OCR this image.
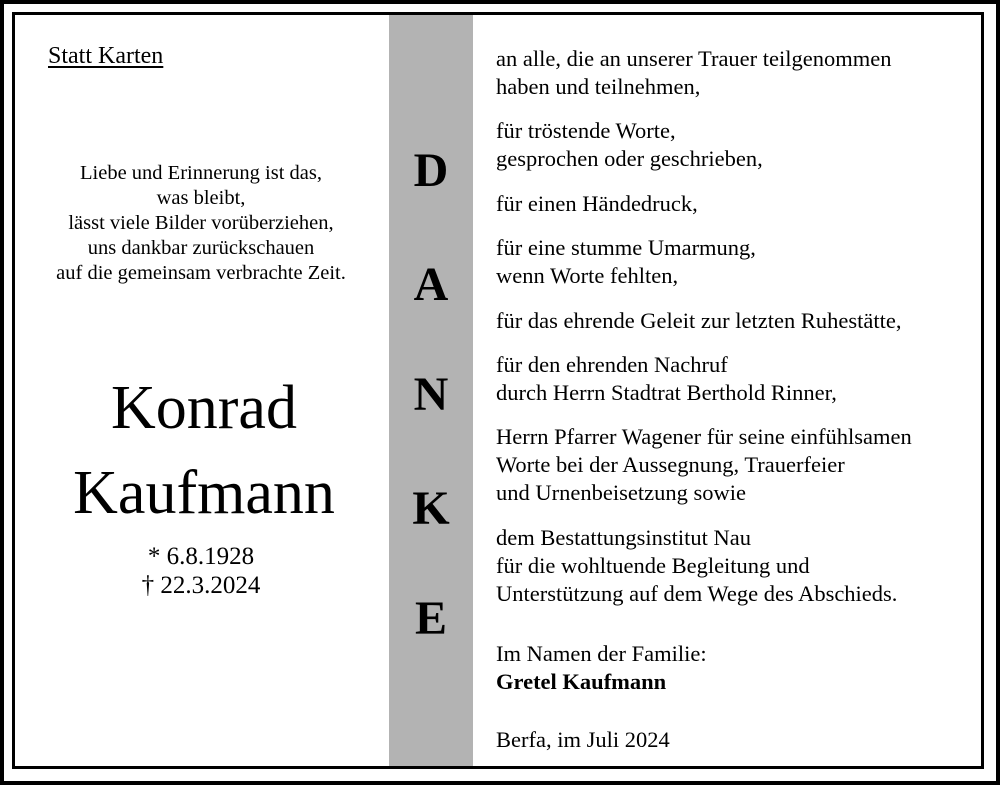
Statt Karten
Liebe und Erinnerung ist das,
was bleibt,
lässt viele Bilder vorüberziehen,
uns dankbar zurückschauen
auf die gemeinsam verbrachte Zeit.
Konrad
Kaufmann
* 6.8.1928
† 22.3.2024
D
A
N
K
E
an alle, die an unserer Trauer teilgenommen
haben und teilnehmen,
für tröstende Worte,
gesprochen oder geschrieben,
für einen Händedruck,
für eine stumme Umarmung,
wenn Worte fehlten,
für das ehrende Geleit zur letzten Ruhestätte,
für den ehrenden Nachruf
durch Herrn Stadtrat Berthold Rinner,
Herrn Pfarrer Wagener für seine einfühlsamen
Worte bei der Aussegnung, Trauerfeier
und Urnenbeisetzung sowie
dem Bestattungsinstitut Nau
für die wohltuende Begleitung und
Unterstützung auf dem Wege des Abschieds.
Im Namen der Familie:
Gretel Kaufmann
Berfa, im Juli 2024
